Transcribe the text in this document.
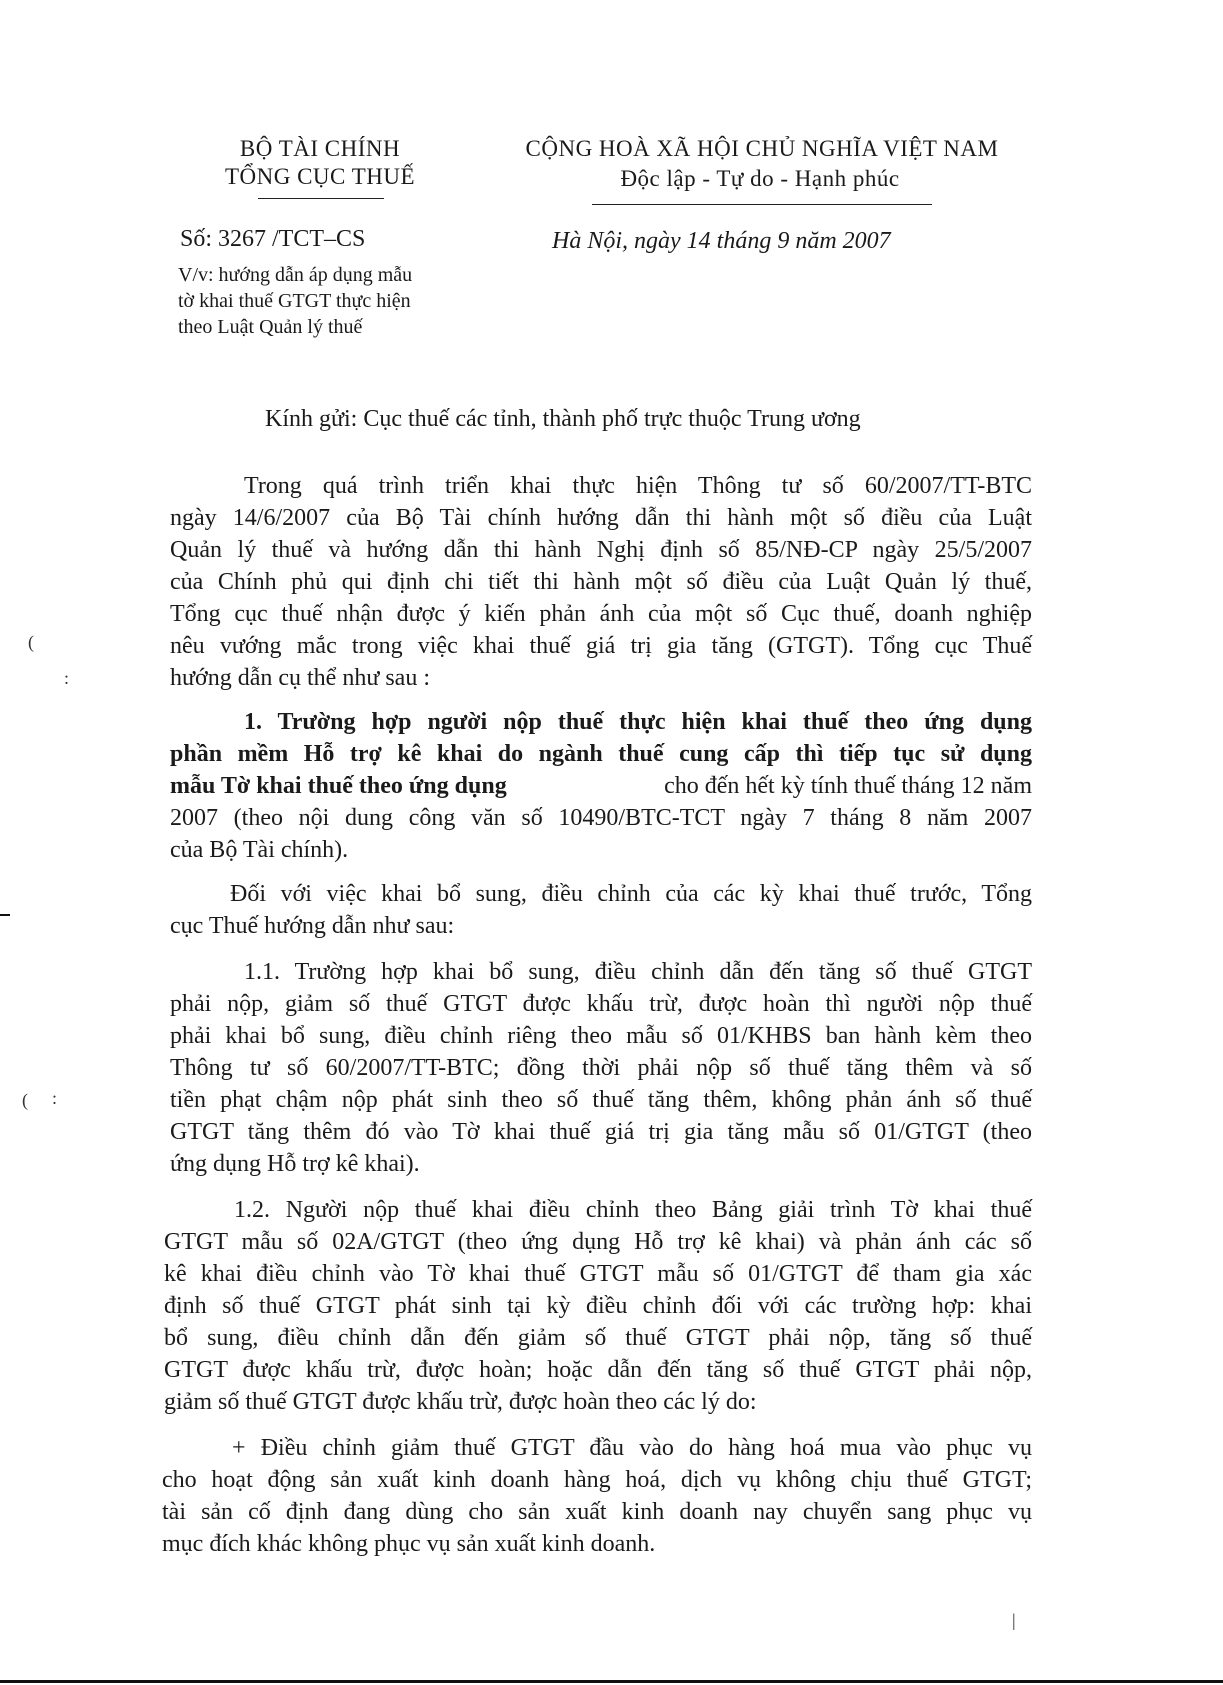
BỘ TÀI CHÍNH
TỔNG CỤC THUẾ
CỘNG HOÀ XÃ HỘI CHỦ NGHĨA VIỆT NAM
Độc lập - Tự do - Hạnh phúc
Số: 3267 /TCT–CS
V/v: hướng dẫn áp dụng mẫu
tờ khai thuế GTGT thực hiện
theo Luật Quản lý thuế
Hà Nội, ngày 14 tháng 9 năm 2007
Kính gửi: Cục thuế các tỉnh, thành phố trực thuộc Trung ương
Trong quá trình triển khai thực hiện Thông tư số 60/2007/TT-BTC
ngày 14/6/2007 của Bộ Tài chính hướng dẫn thi hành một số điều của Luật
Quản lý thuế và hướng dẫn thi hành Nghị định số 85/NĐ-CP ngày 25/5/2007
của Chính phủ qui định chi tiết thi hành một số điều của Luật Quản lý thuế,
Tổng cục thuế nhận được ý kiến phản ánh của một số Cục thuế, doanh nghiệp
nêu vướng mắc trong việc khai thuế giá trị gia tăng (GTGT). Tổng cục Thuế
hướng dẫn cụ thể như sau :
1. Trường hợp người nộp thuế thực hiện khai thuế theo ứng dụng
phần mềm Hỗ trợ kê khai do ngành thuế cung cấp thì tiếp tục sử dụng
mẫu Tờ khai thuế theo ứng dụng	cho đến hết kỳ tính thuế tháng 12 năm
2007 (theo nội dung công văn số 10490/BTC-TCT ngày 7 tháng 8 năm 2007
của Bộ Tài chính).
Đối với việc khai bổ sung, điều chỉnh của các kỳ khai thuế trước, Tổng
cục Thuế hướng dẫn như sau:
1.1. Trường hợp khai bổ sung, điều chỉnh dẫn đến tăng số thuế GTGT
phải nộp, giảm số thuế GTGT được khấu trừ, được hoàn thì người nộp thuế
phải khai bổ sung, điều chỉnh riêng theo mẫu số 01/KHBS ban hành kèm theo
Thông tư số 60/2007/TT-BTC; đồng thời phải nộp số thuế tăng thêm và số
tiền phạt chậm nộp phát sinh theo số thuế tăng thêm, không phản ánh số thuế
GTGT tăng thêm đó vào Tờ khai thuế giá trị gia tăng mẫu số 01/GTGT (theo
ứng dụng Hỗ trợ kê khai).
1.2. Người nộp thuế khai điều chỉnh theo Bảng giải trình Tờ khai thuế
GTGT mẫu số 02A/GTGT (theo ứng dụng Hỗ trợ kê khai) và phản ánh các số
kê khai điều chỉnh vào Tờ khai thuế GTGT mẫu số 01/GTGT để tham gia xác
định số thuế GTGT phát sinh tại kỳ điều chỉnh đối với các trường hợp: khai
bổ sung, điều chỉnh dẫn đến giảm số thuế GTGT phải nộp, tăng số thuế
GTGT được khấu trừ, được hoàn; hoặc dẫn đến tăng số thuế GTGT phải nộp,
giảm số thuế GTGT được khấu trừ, được hoàn theo các lý do:
+ Điều chỉnh giảm thuế GTGT đầu vào do hàng hoá mua vào phục vụ
cho hoạt động sản xuất kinh doanh hàng hoá, dịch vụ không chịu thuế GTGT;
tài sản cố định đang dùng cho sản xuất kinh doanh nay chuyển sang phục vụ
mục đích khác không phục vụ sản xuất kinh doanh.
(
:
( :
|
